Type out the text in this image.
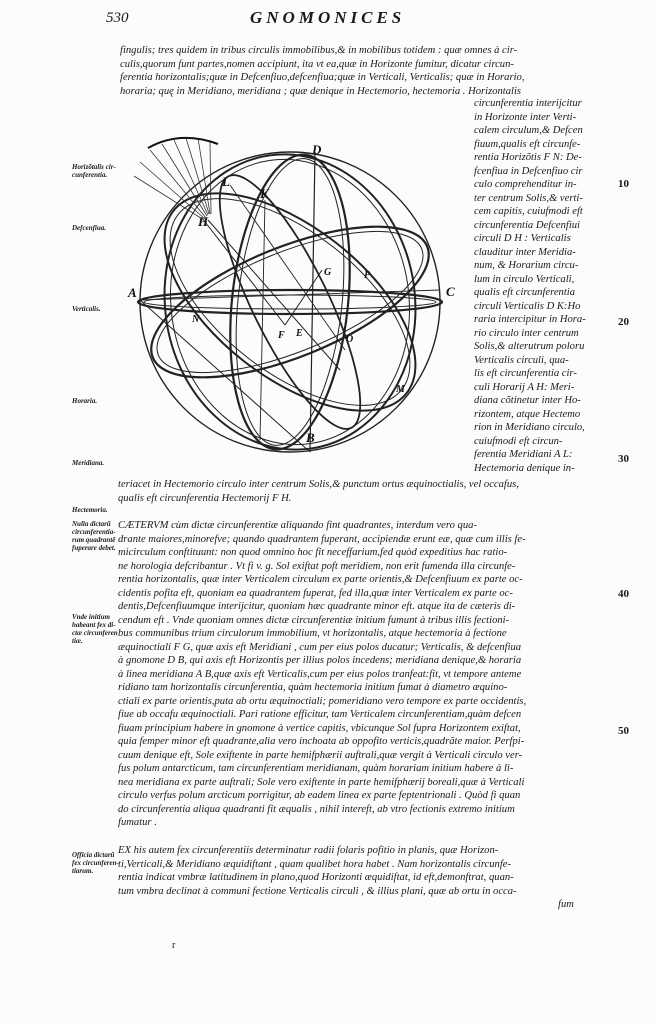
530	GNOMONICES
fingulis; tres quidem in tribus circulis immobilibus,& in mobilibus totidem : quæ omnes à cir-
culis,quorum funt partes,nomen accipiunt, ita vt ea,quæ in Horizonte fumitur, dicatur circun-
ferentia horizontalis;quæ in Defcenfiuo,defcenfiua;quæ in Verticali, Verticalis; quæ in Horario,
horaria; quę in Meridiano, meridiana ; quæ denique in Hectemorio, hectemoria . Horizontalis
circunferentia interijcitur
in Horizonte inter Verti-
calem circulum,& Defcen
fiuum,qualis eft circunfe-
rentia Horizõtis F N: De-
fcenfiua in Defcenfiuo cir
culo comprehenditur in-
ter centrum Solis,& verti-
cem capitis, cuiufmodi eft
circunferentia Defcenfiui
circuli D H : Verticalis
clauditur inter Meridia-
num, & Horarium circu-
lum in circulo Verticali,
qualis eft circunferentia
circuli Verticalis D K:Ho
raria intercipitur in Hora-
rio circulo inter centrum
Solis,& alterutrum poloru
Verticalis circuli, qua-
lis eft circunferentia cir-
culi Horarij A H: Meri-
diana cõtinetur inter Ho-
rizontem, atque Hectemo
rion in Meridiano circulo,
cuiufmodi eft circun-
ferentia Meridiani A L:
Hectemoria denique in-
D
L
H
K
A	C
F E
G	P
O
N
B
M
Horizõtalis cir-
cunferentia.
Defcenfiua.
Verticalis.
Horaria.
Meridiana.
Hectemoria.
Nulla dictarũ
circunferentia-
rum quadrantẽ
fuperare debet.
Vnde initium
habeant fex di-
ctæ circunferen
tiæ.
Officia dictarũ
fex circunferen-
tiarum.
10
20
30
40
50
teriacet in Hectemorio circulo inter centrum Solis,& punctum ortus æquinoctialis, vel occafus,
qualis eft circunferentia Hectemorij F H.
CÆTERVM cùm dictæ circunferentiæ aliquando fint quadrantes, interdum vero qua-
drante maiores,minorefve; quando quadrantem fuperant, accipiendæ erunt eæ, quæ cum illis fe-
micirculum conftituunt: non quod omnino hoc fit neceffarium,fed quòd expeditius hac ratio-
ne horologia defcribantur . Vt fi v. g. Sol exiftat poft meridiem, non erit fumenda illa circunfe-
rentia horizontalis, quæ inter Verticalem circulum ex parte orientis,& Defcenfiuum ex parte oc-
cidentis pofita eft, quoniam ea quadrantem fuperat, fed illa,quæ inter Verticalem ex parte oc-
dentis,Defcenfiuumque interijcitur, quoniam hæc quadrante minor eft. atque ita de cæteris di-
cendum eft . Vnde quoniam omnes dictæ circunferentiæ initium fumunt à tribus illis fectioni-
bus communibus trium circulorum immobilium, vt horizontalis, atque hectemoria à fectione
æquinoctiali F G, quæ axis eft Meridiani , cum per eius polos ducatur; Verticalis, & defcenfiua
à gnomone D B, qui axis eft Horizontis per illius polos incedens; meridiana denique,& horaria
à linea meridiana A B,quæ axis eft Verticalis,cum per eius polos tranfeat:fit, vt tempore anteme
ridiano tam horizontalis circunferentia, quàm hectemoria initium fumat à diametro æquino-
ctiali ex parte orientis,puta ab ortu æquinoctiali; pomeridiano vero tempore ex parte occidentis,
fiue ab occafu æquinoctiali. Pari ratione efficitur, tam Verticalem circunferentiam,quàm defcen
fiuam principium habere in gnomone à vertice capitis, vbicunque Sol fupra Horizontem exiftat,
quia femper minor eft quadrante,alia vero inchoata ab oppofito verticis,quadrãte maior. Perfpi-
cuum denique eft, Sole exiftente in parte hemifphærii auftrali,quæ vergit à Verticali circulo ver-
fus polum antarcticum, tam circunferentiam meridianam, quàm horariam initium habere à li-
nea meridiana ex parte auftrali; Sole vero exiftente in parte hemifphærij boreali,quæ à Verticali
circulo verfus polum arcticum porrigitur, ab eadem linea ex parte feptentrionali . Quòd fi quan
do circunferentia aliqua quadranti fit æqualis , nihil intereft, ab vtro fectionis extremo initium
fumatur .
EX his autem fex circunferentiis determinatur radii folaris pofitio in planis, quæ Horizon-
ti,Verticali,& Meridiano æquidiftant , quam qualibet hora habet . Nam horizontalis circunfe-
rentia indicat vmbræ latitudinem in plano,quod Horizonti æquidiftat, id eft,demonftrat, quan-
tum vmbra declinat à communi fectione Verticalis circuli , & illius plani, quæ ab ortu in occa-
fum
r
